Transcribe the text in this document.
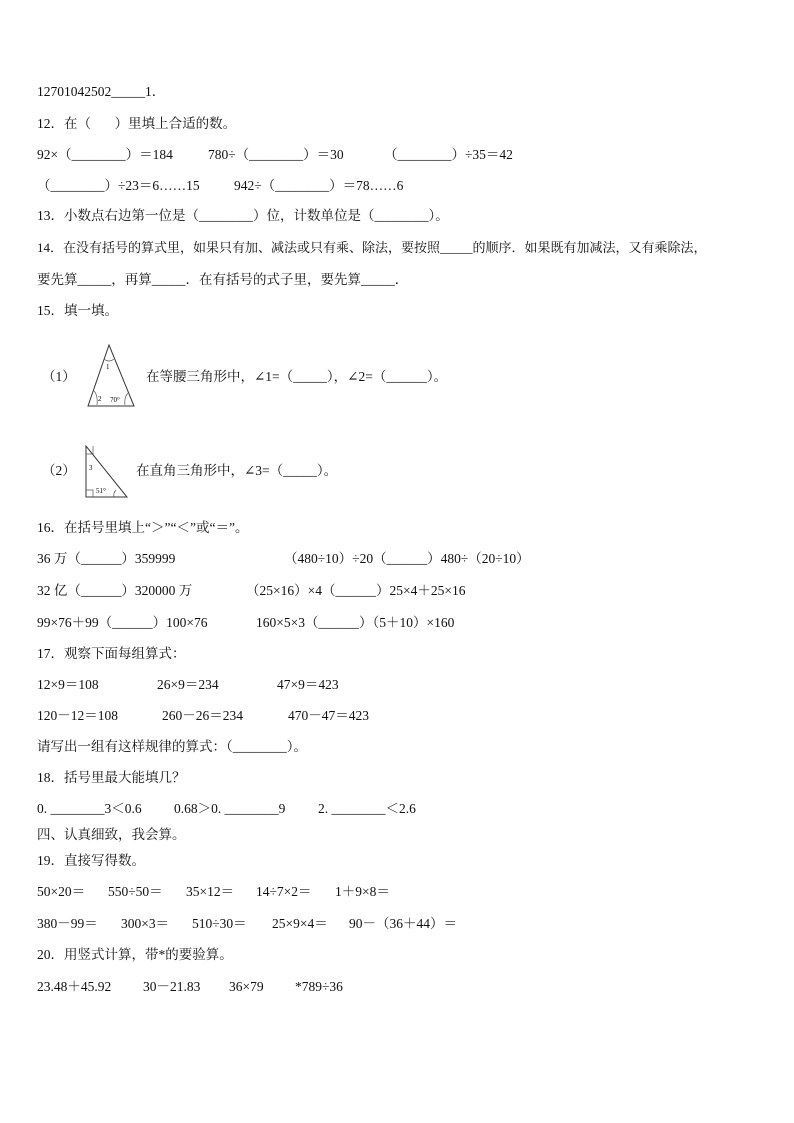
12701042502_____1．
12．在（       ）里填上合适的数。
92×（________）＝184	780÷（________）＝30	（________）÷35＝42
（________）÷23＝6……15	942÷（________）＝78……6
13．小数点右边第一位是（________）位，计数单位是（________）。
14．在没有括号的算式里，如果只有加、减法或只有乘、除法，要按照_____的顺序．如果既有加减法，又有乘除法，
要先算_____，再算_____．在有括号的式子里，要先算_____．
15．填一填。
（1）
1
2 70°
在等腰三角形中，∠1=（_____），∠2=（______）。
（2） 3
51°
在直角三角形中，∠3=（_____）。
16．在括号里填上“＞”“＜”或“＝”。
36 万（______）359999	（480÷10）÷20（______）480÷（20÷10）
32 亿（______）320000 万	（25×16）×4（______）25×4＋25×16
99×76＋99（______）100×76	160×5×3（______）（5＋10）×160
17．观察下面每组算式：
12×9＝108	26×9＝234	47×9＝423
120－12＝108	260－26＝234	470－47＝423
请写出一组有这样规律的算式：（________）。
18．括号里最大能填几？
0. ________3＜0.6 0.68＞0. ________9 2. ________＜2.6
四、认真细致，我会算。
19．直接写得数。
50×20＝ 550÷50＝ 35×12＝ 14÷7×2＝ 1＋9×8＝
380－99＝ 300×3＝ 510÷30＝ 25×9×4＝ 90－（36＋44）＝
20．用竖式计算，带*的要验算。
23.48＋45.92 30－21.83 36×79 *789÷36
